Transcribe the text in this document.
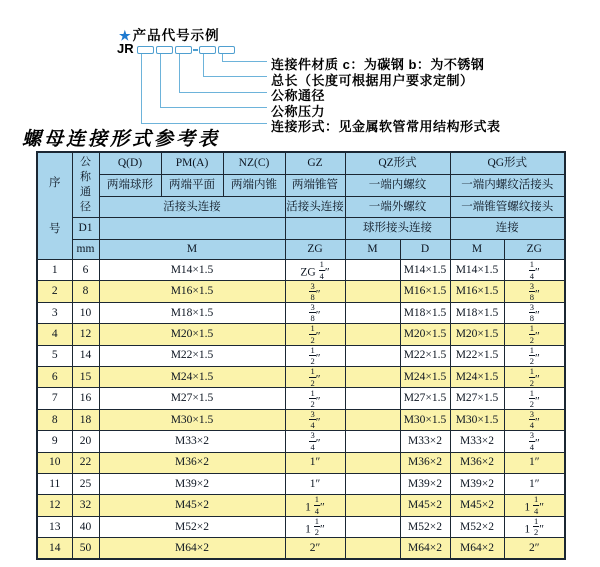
★产品代号示例
JR
连接件材质 c：为碳钢 b：为不锈钢
总长（长度可根据用户要求定制）
公称通径
公称压力
连接形式：见金属软管常用结构形式表
螺母连接形式参考表
序号	公称通径	Q(D)	PM(A)	NZ(C)	GZ	QZ形式		QG形式	
		两端球形	两端平面	两端内锥	两端锥管	一端内螺纹		一端内螺纹活接头	
		活接头连接			活接头连接	一端外螺纹		一端锥管螺纹接头	
	D1					球形接头连接		连接	
	mm	M			ZG	M	D	M	ZG
1	6	M14×1.5			ZG $\frac{1}{4}$ ″		M14×1.5	M14×1.5	$\frac{1}{4}$ ″
2	8	M16×1.5			$\frac{3}{8}$ ″		M16×1.5	M16×1.5	$\frac{3}{8}$ ″
3	10	M18×1.5			$\frac{3}{8}$ ″		M18×1.5	M18×1.5	$\frac{3}{8}$ ″
4	12	M20×1.5			$\frac{1}{2}$ ″		M20×1.5	M20×1.5	$\frac{1}{2}$ ″
5	14	M22×1.5			$\frac{1}{2}$ ″		M22×1.5	M22×1.5	$\frac{1}{2}$ ″
6	15	M24×1.5			$\frac{1}{2}$ ″		M24×1.5	M24×1.5	$\frac{1}{2}$ ″
7	16	M27×1.5			$\frac{1}{2}$ ″		M27×1.5	M27×1.5	$\frac{1}{2}$ ″
8	18	M30×1.5			$\frac{3}{4}$ ″		M30×1.5	M30×1.5	$\frac{3}{4}$ ″
9	20	M33×2			$\frac{3}{4}$ ″		M33×2	M33×2	$\frac{3}{4}$ ″
10	22	M36×2			1″		M36×2	M36×2	1″
11	25	M39×2			1″		M39×2	M39×2	1″
12	32	M45×2			$1 \frac{1}{4}$ ″		M45×2	M45×2	$1 \frac{1}{4}$ ″
13	40	M52×2			$1 \frac{1}{2}$ ″		M52×2	M52×2	$1 \frac{1}{2}$ ″
14	50	M64×2			2″		M64×2	M64×2	2″
